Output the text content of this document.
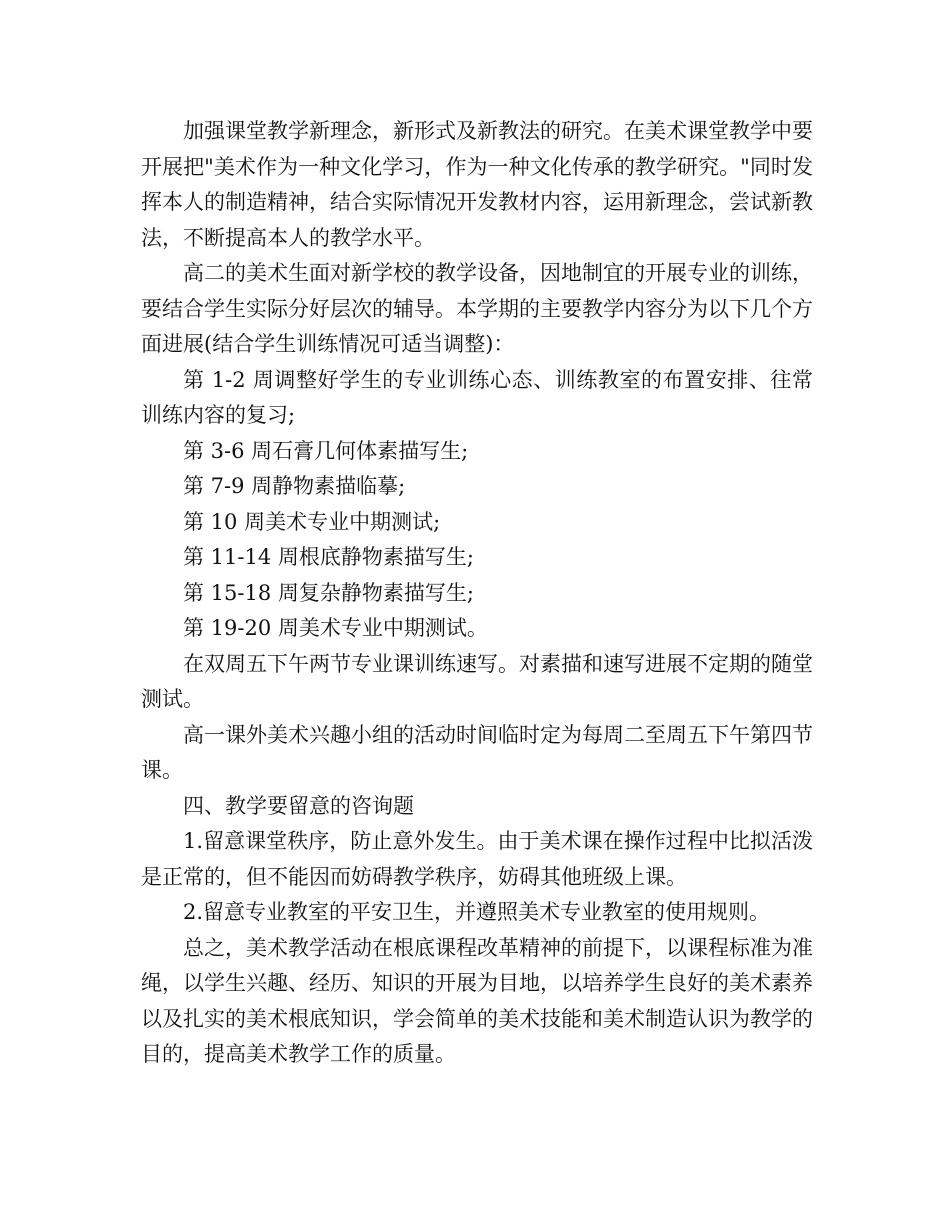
加强课堂教学新理念，新形式及新教法的研究。在美术课堂教学中要开展把"美术作为一种文化学习，作为一种文化传承的教学研究。"同时发挥本人的制造精神，结合实际情况开发教材内容，运用新理念，尝试新教法，不断提高本人的教学水平。

高二的美术生面对新学校的教学设备，因地制宜的开展专业的训练，要结合学生实际分好层次的辅导。本学期的主要教学内容分为以下几个方面进展(结合学生训练情况可适当调整)：

第 1-2 周调整好学生的专业训练心态、训练教室的布置安排、往常训练内容的复习;

第 3-6 周石膏几何体素描写生;

第 7-9 周静物素描临摹;

第 10 周美术专业中期测试;

第 11-14 周根底静物素描写生;

第 15-18 周复杂静物素描写生;

第 19-20 周美术专业中期测试。

在双周五下午两节专业课训练速写。对素描和速写进展不定期的随堂测试。

高一课外美术兴趣小组的活动时间临时定为每周二至周五下午第四节课。

四、教学要留意的咨询题

1.留意课堂秩序，防止意外发生。由于美术课在操作过程中比拟活泼是正常的，但不能因而妨碍教学秩序，妨碍其他班级上课。

2.留意专业教室的平安卫生，并遵照美术专业教室的使用规则。

总之，美术教学活动在根底课程改革精神的前提下，以课程标准为准绳，以学生兴趣、经历、知识的开展为目地，以培养学生良好的美术素养以及扎实的美术根底知识，学会简单的美术技能和美术制造认识为教学的目的，提高美术教学工作的质量。
